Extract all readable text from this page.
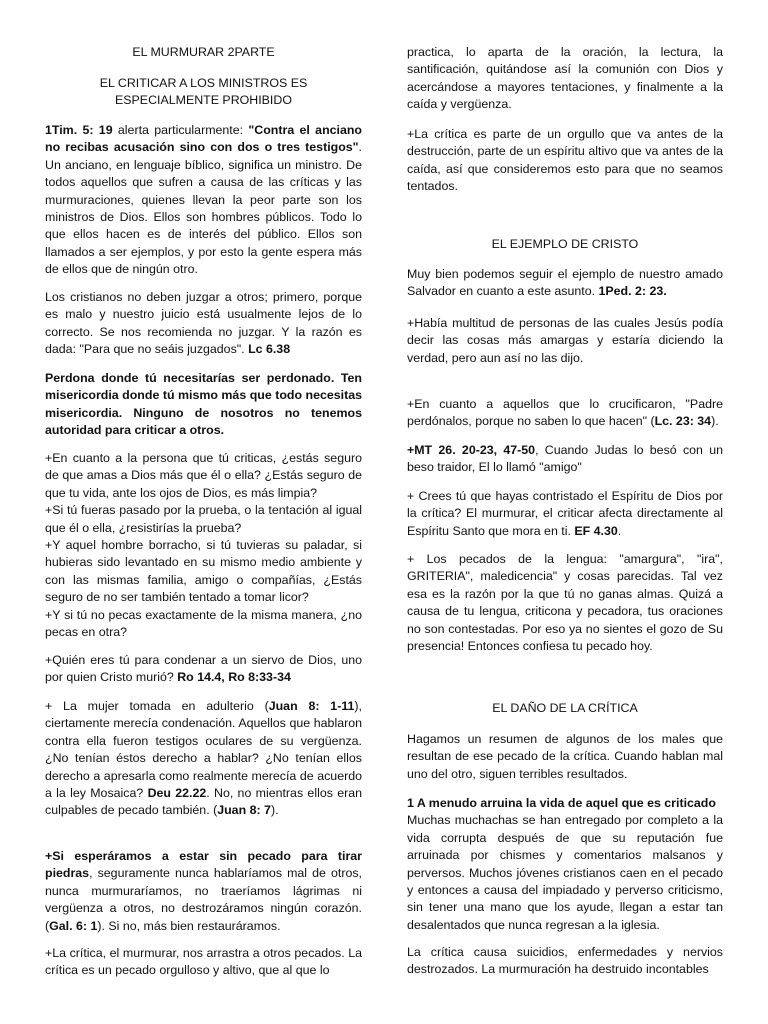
EL MURMURAR 2PARTE

EL CRITICAR A LOS MINISTROS ES ESPECIALMENTE PROHIBIDO

1Tim. 5: 19 alerta particularmente: "Contra el anciano no recibas acusación sino con dos o tres testigos". Un anciano, en lenguaje bíblico, significa un ministro. De todos aquellos que sufren a causa de las críticas y las murmuraciones, quienes llevan la peor parte son los ministros de Dios. Ellos son hombres públicos. Todo lo que ellos hacen es de interés del público. Ellos son llamados a ser ejemplos, y por esto la gente espera más de ellos que de ningún otro.

Los cristianos no deben juzgar a otros; primero, porque es malo y nuestro juicio está usualmente lejos de lo correcto. Se nos recomienda no juzgar. Y la razón es dada: "Para que no seáis juzgados". Lc 6.38

Perdona donde tú necesitarías ser perdonado. Ten misericordia donde tú mismo más que todo necesitas misericordia. Ninguno de nosotros no tenemos autoridad para criticar a otros.

+En cuanto a la persona que tú criticas, ¿estás seguro de que amas a Dios más que él o ella? ¿Estás seguro de que tu vida, ante los ojos de Dios, es más limpia?
+Si tú fueras pasado por la prueba, o la tentación al igual que él o ella, ¿resistirías la prueba?
+Y aquel hombre borracho, si tú tuvieras su paladar, si hubieras sido levantado en su mismo medio ambiente y con las mismas familia, amigo o compañías, ¿Estás seguro de no ser también tentado a tomar licor?
+Y si tú no pecas exactamente de la misma manera, ¿no pecas en otra?

+Quién eres tú para condenar a un siervo de Dios, uno por quien Cristo murió? Ro 14.4, Ro 8:33-34

+ La mujer tomada en adulterio (Juan 8: 1-11), ciertamente merecía condenación. Aquellos que hablaron contra ella fueron testigos oculares de su vergüenza. ¿No tenían éstos derecho a hablar? ¿No tenían ellos derecho a apresarla como realmente merecía de acuerdo a la ley Mosaica? Deu 22.22. No, no mientras ellos eran culpables de pecado también. (Juan 8: 7).

+Si esperáramos a estar sin pecado para tirar piedras, seguramente nunca hablaríamos mal de otros, nunca murmuraríamos, no traeríamos lágrimas ni vergüenza a otros, no destrozáramos ningún corazón. (Gal. 6: 1). Si no, más bien restauráramos.

+La crítica, el murmurar, nos arrastra a otros pecados. La crítica es un pecado orgulloso y altivo, que al que lo

practica, lo aparta de la oración, la lectura, la santificación, quitándose así la comunión con Dios y acercándose a mayores tentaciones, y finalmente a la caída y vergüenza.

+La crítica es parte de un orgullo que va antes de la destrucción, parte de un espíritu altivo que va antes de la caída, así que consideremos esto para que no seamos tentados.

EL EJEMPLO DE CRISTO

Muy bien podemos seguir el ejemplo de nuestro amado Salvador en cuanto a este asunto. 1Ped. 2: 23.

+Había multitud de personas de las cuales Jesús podía decir las cosas más amargas y estaría diciendo la verdad, pero aun así no las dijo.

+En cuanto a aquellos que lo crucificaron, "Padre perdónalos, porque no saben lo que hacen" (Lc. 23: 34).

+MT 26. 20-23, 47-50, Cuando Judas lo besó con un beso traidor, El lo llamó "amigo"

+ Crees tú que hayas contristado el Espíritu de Dios por la crítica? El murmurar, el criticar afecta directamente al Espíritu Santo que mora en ti. EF 4.30.

+ Los pecados de la lengua: "amargura", "ira", GRITERIA", maledicencia" y cosas parecidas. Tal vez esa es la razón por la que tú no ganas almas. Quizá a causa de tu lengua, criticona y pecadora, tus oraciones no son contestadas. Por eso ya no sientes el gozo de Su presencia! Entonces confiesa tu pecado hoy.

EL DAÑO DE LA CRÍTICA

Hagamos un resumen de algunos de los males que resultan de ese pecado de la crítica. Cuando hablan mal uno del otro, siguen terribles resultados.

1 A menudo arruina la vida de aquel que es criticado
Muchas muchachas se han entregado por completo a la vida corrupta después de que su reputación fue arruinada por chismes y comentarios malsanos y perversos. Muchos jóvenes cristianos caen en el pecado y entonces a causa del impiadado y perverso criticismo, sin tener una mano que los ayude, llegan a estar tan desalentados que nunca regresan a la iglesia.

La crítica causa suicidios, enfermedades y nervios destrozados. La murmuración ha destruido incontables
